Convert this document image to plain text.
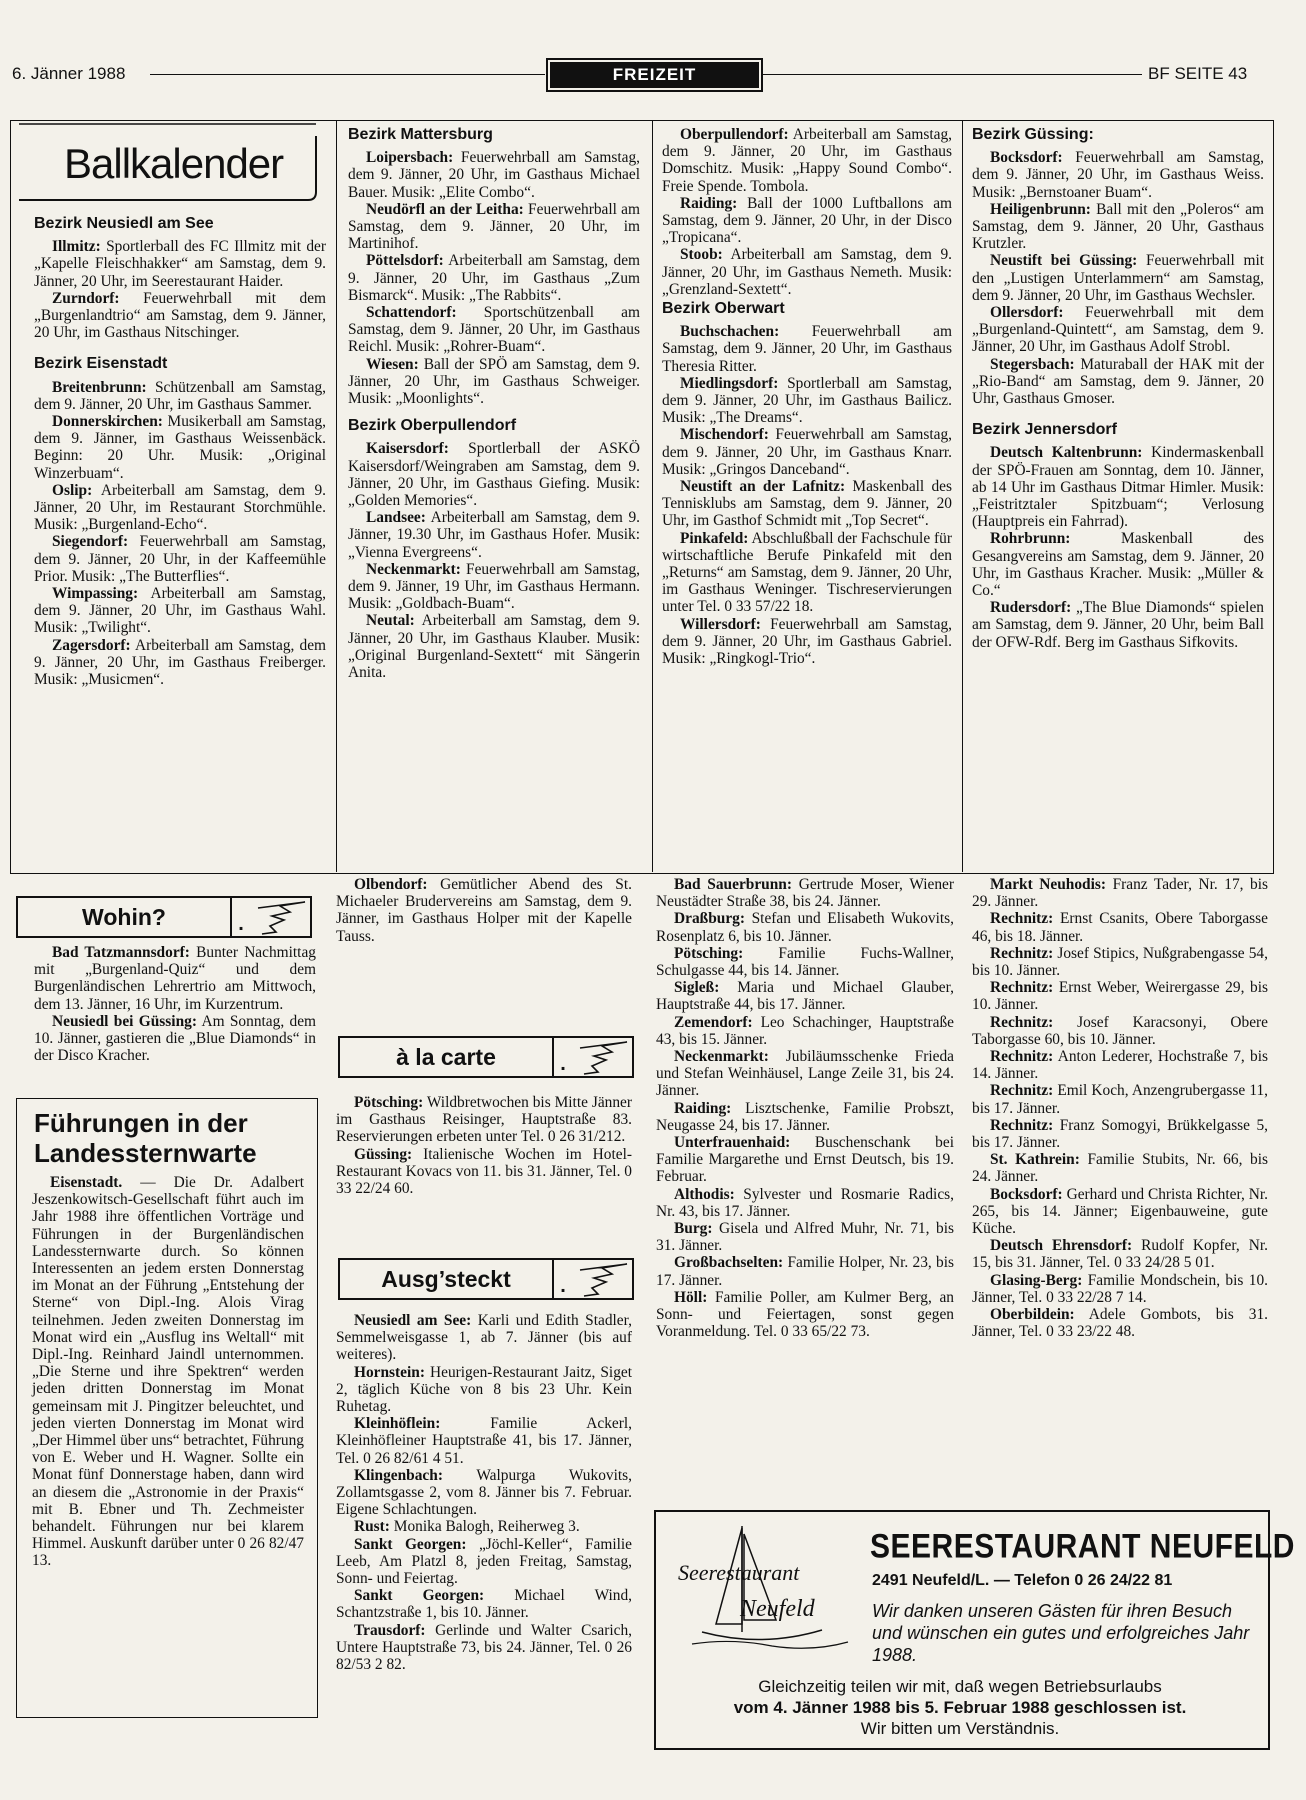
6. Jänner 1988	FREIZEIT	BF SEITE 43
Ballkalender
Bezirk Neusiedl am See

Illmitz: Sportlerball des FC Illmitz mit der „Kapelle Fleischhakker“ am Samstag, dem 9. Jänner, 20 Uhr, im Seerestaurant Haider.

Zurndorf: Feuerwehrball mit dem „Burgenlandtrio“ am Samstag, dem 9. Jänner, 20 Uhr, im Gasthaus Nitschinger.

Bezirk Eisenstadt

Breitenbrunn: Schützenball am Samstag, dem 9. Jänner, 20 Uhr, im Gasthaus Sammer.

Donnerskirchen: Musikerball am Samstag, dem 9. Jänner, im Gasthaus Weissenbäck. Beginn: 20 Uhr. Musik: „Original Winzerbuam“.

Oslip: Arbeiterball am Samstag, dem 9. Jänner, 20 Uhr, im Restaurant Storchmühle. Musik: „Burgenland-Echo“.

Siegendorf: Feuerwehrball am Samstag, dem 9. Jänner, 20 Uhr, in der Kaffeemühle Prior. Musik: „The Butterflies“.

Wimpassing: Arbeiterball am Samstag, dem 9. Jänner, 20 Uhr, im Gasthaus Wahl. Musik: „Twilight“.

Zagersdorf: Arbeiterball am Samstag, dem 9. Jänner, 20 Uhr, im Gasthaus Freiberger. Musik: „Musicmen“.

Bezirk Mattersburg

Loipersbach: Feuerwehrball am Samstag, dem 9. Jänner, 20 Uhr, im Gasthaus Michael Bauer. Musik: „Elite Combo“.

Neudörfl an der Leitha: Feuerwehrball am Samstag, dem 9. Jänner, 20 Uhr, im Martinihof.

Pöttelsdorf: Arbeiterball am Samstag, dem 9. Jänner, 20 Uhr, im Gasthaus „Zum Bismarck“. Musik: „The Rabbits“.

Schattendorf: Sportschützenball am Samstag, dem 9. Jänner, 20 Uhr, im Gasthaus Reichl. Musik: „Rohrer-Buam“.

Wiesen: Ball der SPÖ am Samstag, dem 9. Jänner, 20 Uhr, im Gasthaus Schweiger. Musik: „Moonlights“.

Bezirk Oberpullendorf

Kaisersdorf: Sportlerball der ASKÖ Kaisersdorf/Weingraben am Samstag, dem 9. Jänner, 20 Uhr, im Gasthaus Giefing. Musik: „Golden Memories“.

Landsee: Arbeiterball am Samstag, dem 9. Jänner, 19.30 Uhr, im Gasthaus Hofer. Musik: „Vienna Evergreens“.

Neckenmarkt: Feuerwehrball am Samstag, dem 9. Jänner, 19 Uhr, im Gasthaus Hermann. Musik: „Goldbach-Buam“.

Neutal: Arbeiterball am Samstag, dem 9. Jänner, 20 Uhr, im Gasthaus Klauber. Musik: „Original Burgenland-Sextett“ mit Sängerin Anita.

Oberpullendorf: Arbeiterball am Samstag, dem 9. Jänner, 20 Uhr, im Gasthaus Domschitz. Musik: „Happy Sound Combo“. Freie Spende. Tombola.

Raiding: Ball der 1000 Luftballons am Samstag, dem 9. Jänner, 20 Uhr, in der Disco „Tropicana“.

Stoob: Arbeiterball am Samstag, dem 9. Jänner, 20 Uhr, im Gasthaus Nemeth. Musik: „Grenzland-Sextett“.

Bezirk Oberwart

Buchschachen: Feuerwehrball am Samstag, dem 9. Jänner, 20 Uhr, im Gasthaus Theresia Ritter.

Miedlingsdorf: Sportlerball am Samstag, dem 9. Jänner, 20 Uhr, im Gasthaus Bailicz. Musik: „The Dreams“.

Mischendorf: Feuerwehrball am Samstag, dem 9. Jänner, 20 Uhr, im Gasthaus Knarr. Musik: „Gringos Danceband“.

Neustift an der Lafnitz: Maskenball des Tennisklubs am Samstag, dem 9. Jänner, 20 Uhr, im Gasthof Schmidt mit „Top Secret“.

Pinkafeld: Abschlußball der Fachschule für wirtschaftliche Berufe Pinkafeld mit den „Returns“ am Samstag, dem 9. Jänner, 20 Uhr, im Gasthaus Weninger. Tischreservierungen unter Tel. 0 33 57/22 18.

Willersdorf: Feuerwehrball am Samstag, dem 9. Jänner, 20 Uhr, im Gasthaus Gabriel. Musik: „Ringkogl-Trio“.

Bezirk Güssing:

Bocksdorf: Feuerwehrball am Samstag, dem 9. Jänner, 20 Uhr, im Gasthaus Weiss. Musik: „Bernstoaner Buam“.

Heiligenbrunn: Ball mit den „Poleros“ am Samstag, dem 9. Jänner, 20 Uhr, Gasthaus Krutzler.

Neustift bei Güssing: Feuerwehrball mit den „Lustigen Unterlammern“ am Samstag, dem 9. Jänner, 20 Uhr, im Gasthaus Wechsler.

Ollersdorf: Feuerwehrball mit dem „Burgenland-Quintett“, am Samstag, dem 9. Jänner, 20 Uhr, im Gasthaus Adolf Strobl.

Stegersbach: Maturaball der HAK mit der „Rio-Band“ am Samstag, dem 9. Jänner, 20 Uhr, Gasthaus Gmoser.

Bezirk Jennersdorf

Deutsch Kaltenbrunn: Kindermaskenball der SPÖ-Frauen am Sonntag, dem 10. Jänner, ab 14 Uhr im Gasthaus Ditmar Himler. Musik: „Feistritztaler Spitzbuam“; Verlosung (Hauptpreis ein Fahrrad).

Rohrbrunn:	Maskenball des Gesangvereins am Samstag, dem 9. Jänner, 20 Uhr, im Gasthaus Kracher. Musik: „Müller & Co.“

Rudersdorf: „The Blue Diamonds“ spielen am Samstag, dem 9. Jänner, 20 Uhr, beim Ball der OFW-Rdf. Berg im Gasthaus Sifkovits.

Wohin?	.

Bad Tatzmannsdorf: Bunter Nachmittag mit „Burgenland-Quiz“ und dem Burgenländischen Lehrertrio am Mittwoch, dem 13. Jänner, 16 Uhr, im Kurzentrum.

Neusiedl bei Güssing: Am Sonntag, dem 10. Jänner, gastieren die „Blue Diamonds“ in der Disco Kracher.

Führungen in der Landessternwarte

Eisenstadt. — Die Dr. Adalbert Jeszenkowitsch-Gesellschaft führt auch im Jahr 1988 ihre öffentlichen Vorträge und Führungen in der Burgenländischen Landessternwarte durch. So können Interessenten an jedem ersten Donnerstag im Monat an der Führung „Entstehung der Sterne“ von Dipl.-Ing. Alois Virag teilnehmen. Jeden zweiten Donnerstag im Monat wird ein „Ausflug ins Weltall“ mit Dipl.-Ing. Reinhard Jaindl unternommen. „Die Sterne und ihre Spektren“ werden jeden dritten Donnerstag im Monat gemeinsam mit J. Pingitzer beleuchtet, und jeden vierten Donnerstag im Monat wird „Der Himmel über uns“ betrachtet, Führung von E. Weber und H. Wagner. Sollte ein Monat fünf Donnerstage haben, dann wird an diesem die „Astronomie in der Praxis“ mit B. Ebner und Th. Zechmeister behandelt. Führungen nur bei klarem Himmel. Auskunft darüber unter 0 26 82/47 13.

Olbendorf: Gemütlicher Abend des St. Michaeler Brudervereins am Samstag, dem 9. Jänner, im Gasthaus Holper mit der Kapelle Tauss.

à la carte	.

Pötsching: Wildbretwochen bis Mitte Jänner im Gasthaus Reisinger, Hauptstraße 83. Reservierungen erbeten unter Tel. 0 26 31/212.

Güssing: Italienische Wochen im Hotel-Restaurant Kovacs von 11. bis 31. Jänner, Tel. 0 33 22/24 60.

Ausg’steckt	.

Neusiedl am See: Karli und Edith Stadler, Semmelweisgasse 1, ab 7. Jänner (bis auf weiteres).

Hornstein: Heurigen-Restaurant Jaitz, Siget 2, täglich Küche von 8 bis 23 Uhr. Kein Ruhetag.

Kleinhöflein:	Familie Ackerl, Kleinhöfleiner Hauptstraße 41, bis 17. Jänner, Tel. 0 26 82/61 4 51.

Klingenbach: Walpurga Wukovits, Zollamtsgasse 2, vom 8. Jänner bis 7. Februar. Eigene Schlachtungen.

Rust: Monika Balogh, Reiherweg 3.

Sankt Georgen: „Jöchl-Keller“, Familie Leeb, Am Platzl 8, jeden Freitag, Samstag, Sonn- und Feiertag.

Sankt Georgen: Michael Wind, Schantzstraße 1, bis 10. Jänner.

Trausdorf: Gerlinde und Walter Csarich, Untere Hauptstraße 73, bis 24. Jänner, Tel. 0 26 82/53 2 82.

Bad Sauerbrunn: Gertrude Moser, Wiener Neustädter Straße 38, bis 24. Jänner.

Draßburg: Stefan und Elisabeth Wukovits, Rosenplatz 6, bis 10. Jänner.

Pötsching: Familie Fuchs-Wallner, Schulgasse 44, bis 14. Jänner.

Sigleß: Maria und Michael Glauber, Hauptstraße 44, bis 17. Jänner.

Zemendorf: Leo Schachinger, Hauptstraße 43, bis 15. Jänner.

Neckenmarkt: Jubiläumsschenke Frieda und Stefan Weinhäusel, Lange Zeile 31, bis 24. Jänner.

Raiding: Lisztschenke, Familie Probszt, Neugasse 24, bis 17. Jänner.

Unterfrauenhaid: Buschenschank bei Familie Margarethe und Ernst Deutsch, bis 19. Februar.

Althodis: Sylvester und Rosmarie Radics, Nr. 43, bis 17. Jänner.

Burg: Gisela und Alfred Muhr, Nr. 71, bis 31. Jänner.

Großbachselten: Familie Holper, Nr. 23, bis 17. Jänner.

Höll: Familie Poller, am Kulmer Berg, an Sonn- und Feiertagen, sonst gegen Voranmeldung. Tel. 0 33 65/22 73.

Markt Neuhodis: Franz Tader, Nr. 17, bis 29. Jänner.

Rechnitz: Ernst Csanits, Obere Taborgasse 46, bis 18. Jänner.

Rechnitz: Josef Stipics, Nußgrabengasse 54, bis 10. Jänner.

Rechnitz: Ernst Weber, Weirergasse 29, bis 10. Jänner.

Rechnitz: Josef Karacsonyi, Obere Taborgasse 60, bis 10. Jänner.

Rechnitz: Anton Lederer, Hochstraße 7, bis 14. Jänner.

Rechnitz: Emil Koch, Anzengrubergasse 11, bis 17. Jänner.

Rechnitz: Franz Somogyi, Brükkelgasse 5, bis 17. Jänner.

St. Kathrein: Familie Stubits, Nr. 66, bis 24. Jänner.

Bocksdorf: Gerhard und Christa Richter, Nr. 265, bis 14. Jänner; Eigenbauweine, gute Küche.

Deutsch Ehrensdorf: Rudolf Kopfer, Nr. 15, bis 31. Jänner, Tel. 0 33 24/28 5 01.

Glasing-Berg: Familie Mondschein, bis 10. Jänner, Tel. 0 33 22/28 7 14.

Oberbildein: Adele Gombots, bis 31. Jänner, Tel. 0 33 23/22 48.

Seerestaurant
Neufeld
SEERESTAURANT NEUFELD
2491 Neufeld/L. — Telefon 0 26 24/22 81
Wir danken unseren Gästen für ihren Besuch und wünschen ein gutes und erfolgreiches Jahr 1988.
Gleichzeitig teilen wir mit, daß wegen Betriebsurlaubs
vom 4. Jänner 1988 bis 5. Februar 1988 geschlossen ist.
Wir bitten um Verständnis.
